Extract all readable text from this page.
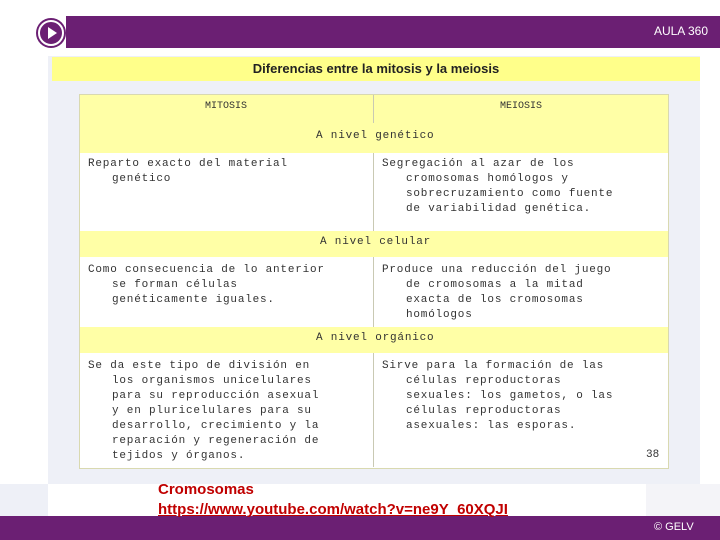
AULA 360
Diferencias entre la mitosis y la meiosis
MITOSIS	MEIOSIS
A nivel genético
Reparto exacto del material
genético
Segregación al azar de los
cromosomas homólogos y
sobrecruzamiento como fuente
de variabilidad genética.
A nivel celular
Como consecuencia de lo anterior
se forman células
genéticamente iguales.
Produce una reducción del juego
de cromosomas a la mitad
exacta de los cromosomas
homólogos
A nivel orgánico
Se da este tipo de división en
los organismos unicelulares
para su reproducción asexual
y en pluricelulares para su
desarrollo, crecimiento y la
reparación y regeneración de
tejidos y órganos.
Sirve para la formación de las
células reproductoras
sexuales: los gametos, o las
células reproductoras
asexuales: las esporas.
38
© GELV
Cromosomas
https://www.youtube.com/watch?v=ne9Y_60XQJI
